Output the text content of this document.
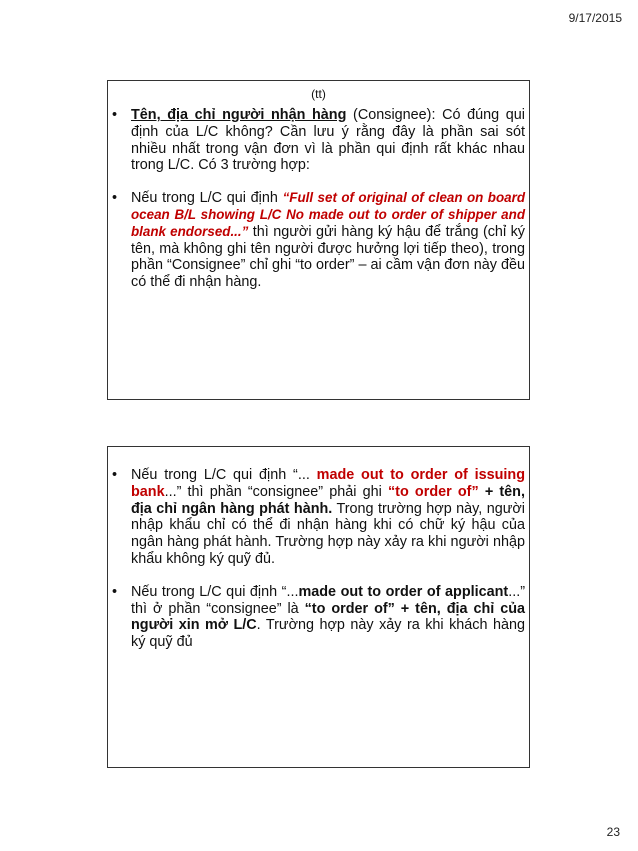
9/17/2015
(tt)
• Tên, địa chỉ người nhận hàng (Consignee): Có đúng qui định của L/C không? Cần lưu ý rằng đây là phần sai sót nhiều nhất trong vận đơn vì là phần qui định rất khác nhau trong L/C. Có 3 trường hợp:
• Nếu trong L/C qui định “Full set of original of clean on board ocean B/L showing L/C No made out to order of shipper and blank endorsed...” thì người gửi hàng ký hậu để trắng (chỉ ký tên, mà không ghi tên người được hưởng lợi tiếp theo), trong phần “Consignee” chỉ ghi “to order” – ai cầm vận đơn này đều có thể đi nhận hàng.
• Nếu trong L/C qui định “... made out to order of issuing bank...” thì phần “consignee” phải ghi “to order of” + tên, địa chỉ ngân hàng phát hành. Trong trường hợp này, người nhập khẩu chỉ có thể đi nhận hàng khi có chữ ký hậu của ngân hàng phát hành. Trường hợp này xảy ra khi người nhập khẩu không ký quỹ đủ.
• Nếu trong L/C qui định “...made out to order of applicant...” thì ở phần “consignee” là “to order of” + tên, địa chỉ của người xin mở L/C. Trường hợp này xảy ra khi khách hàng ký quỹ đủ
23
